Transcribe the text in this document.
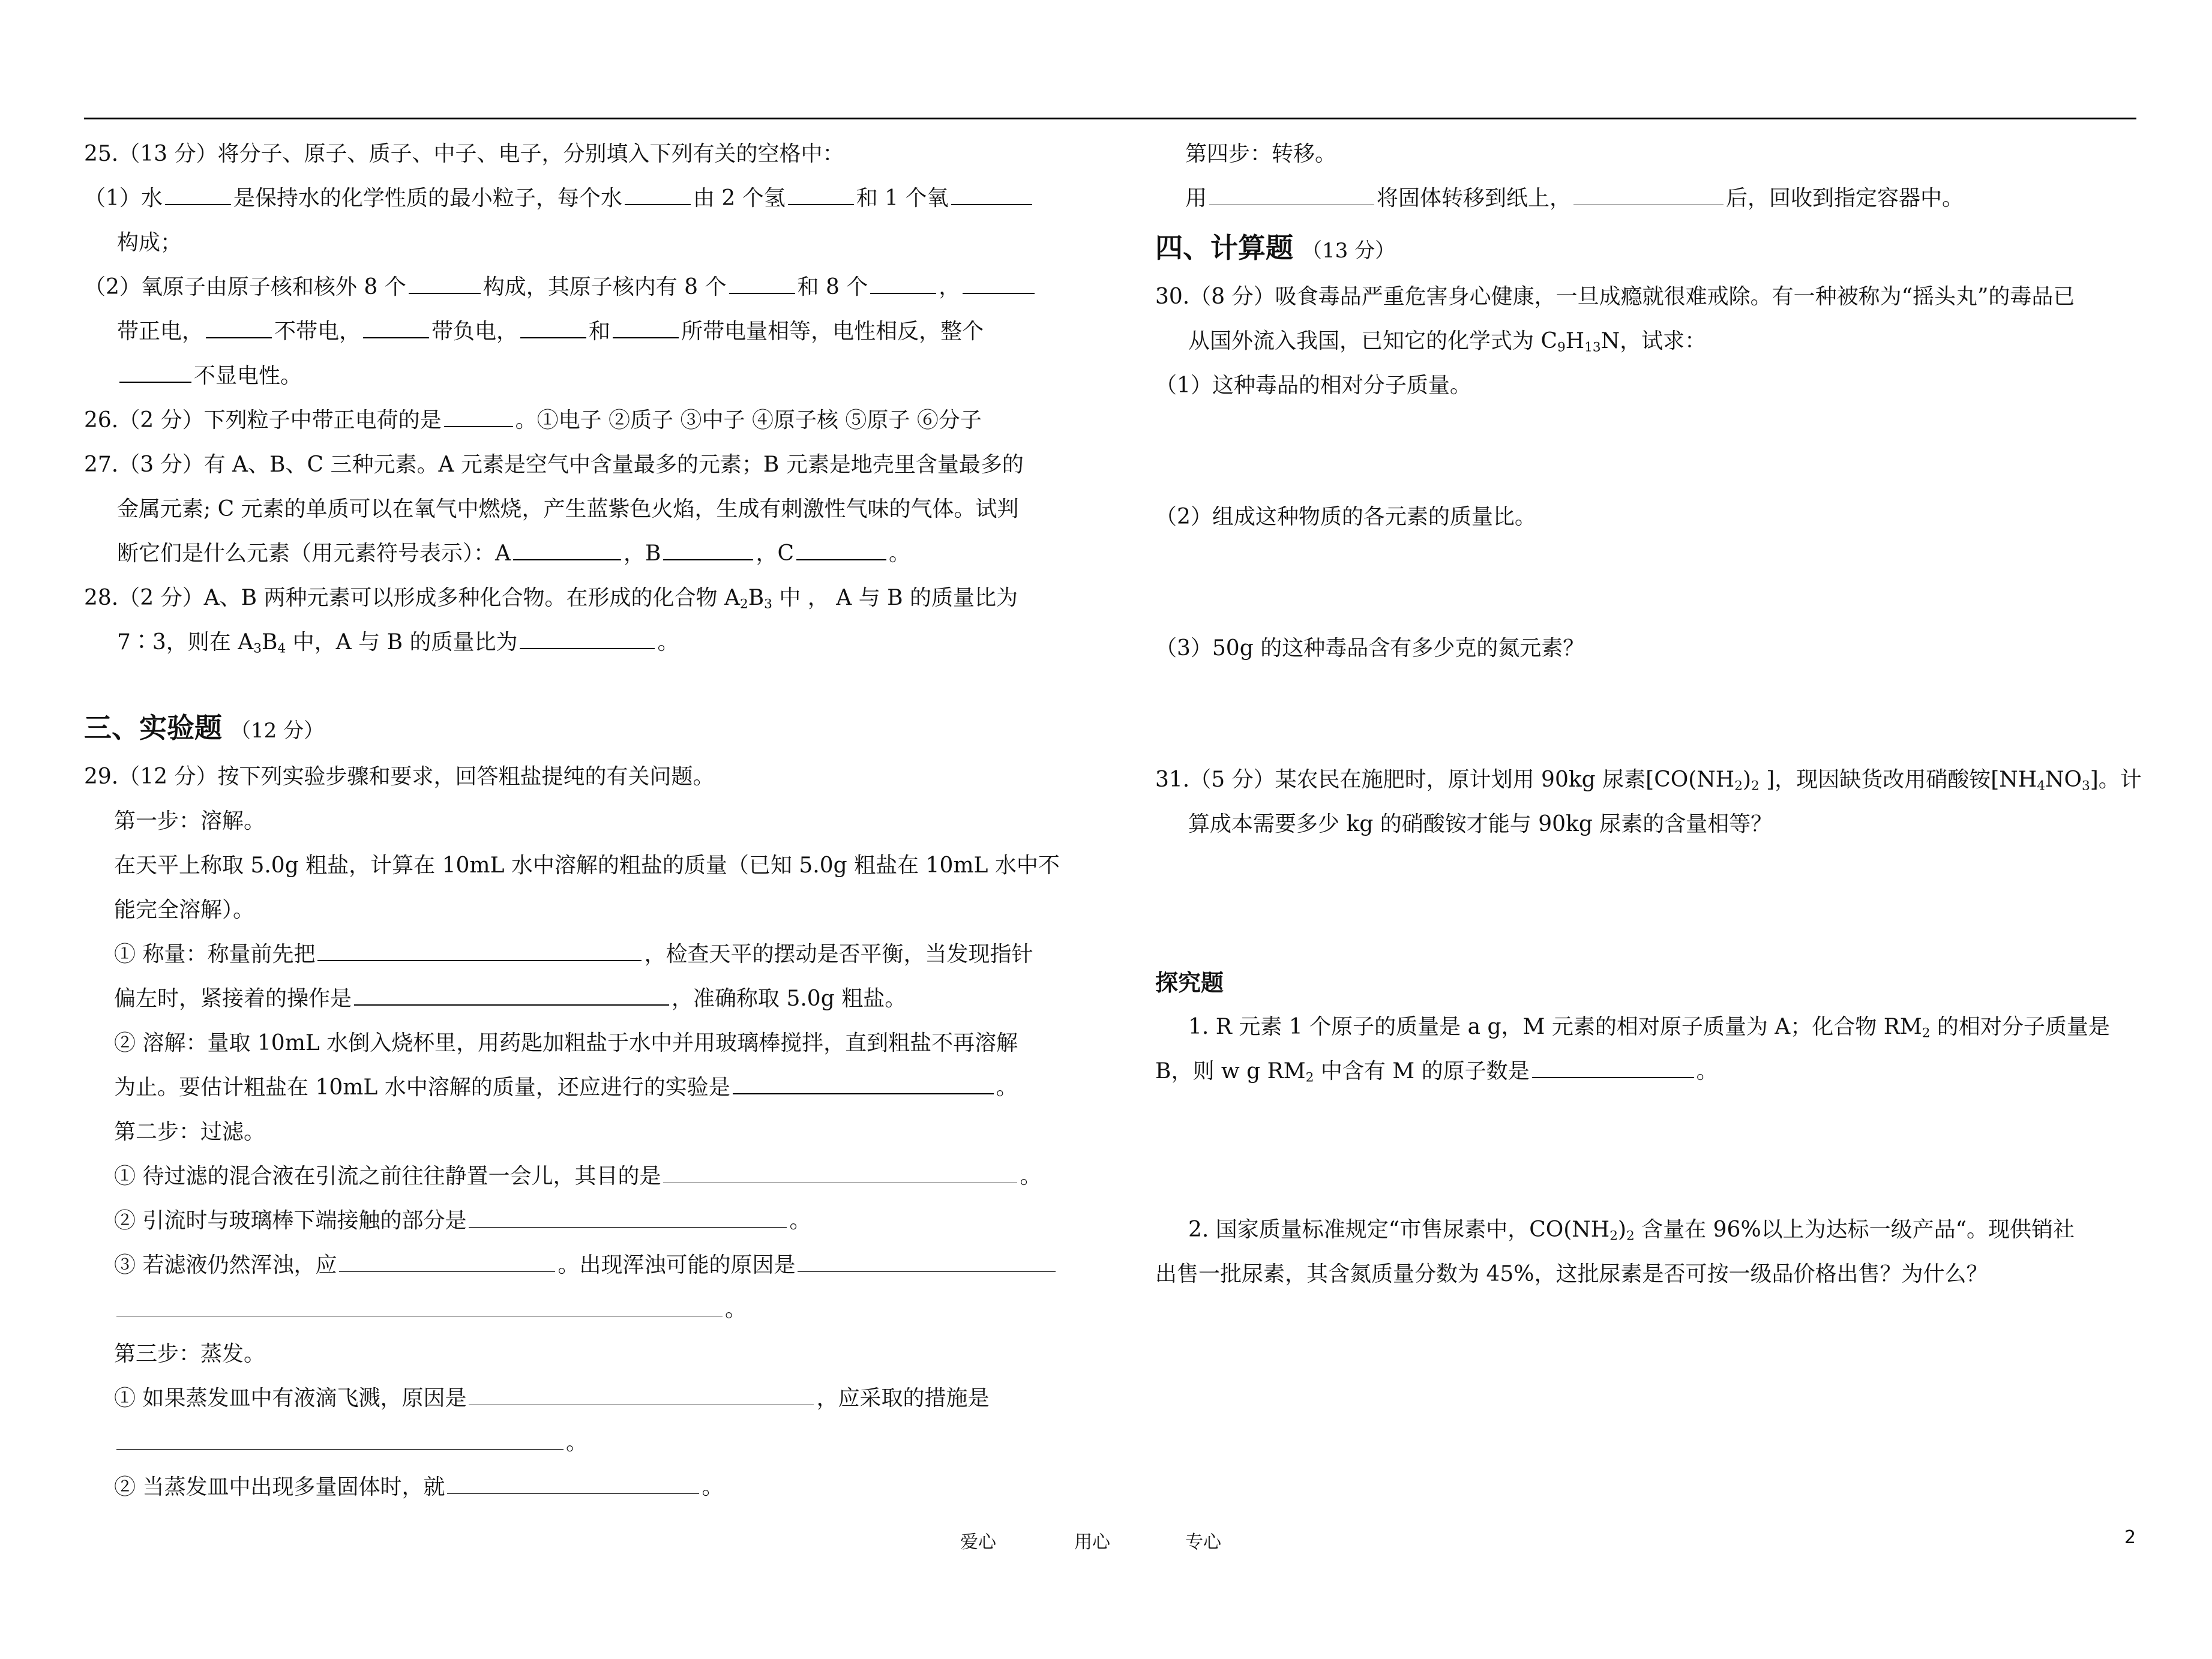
25.（13 分）将分子、原子、质子、中子、电子，分别填入下列有关的空格中：
（1）水	是保持水的化学性质的最小粒子，每个水	由 2 个氢	和 1 个氧
构成；
（2）氧原子由原子核和核外 8 个	构成，其原子核内有 8 个	和 8 个	，
带正电，	不带电，	带负电，	和	所带电量相等，电性相反，整个
不显电性。
26.（2 分）下列粒子中带正电荷的是	。①电子 ②质子 ③中子 ④原子核 ⑤原子 ⑥分子
27.（3 分）有 A、B、C 三种元素。A 元素是空气中含量最多的元素；B 元素是地壳里含量最多的
金属元素; C 元素的单质可以在氧气中燃烧，产生蓝紫色火焰，生成有刺激性气味的气体。试判
断它们是什么元素（用元素符号表示）：A	，B	，C	。
28.（2 分）A、B 两种元素可以形成多种化合物。在形成的化合物 $A_2B_3$ 中 ， A 与 B 的质量比为
7∶3，则在 $A_3B_4$ 中，A 与 B 的质量比为	。
三、实验题 （12 分）
29.（12 分）按下列实验步骤和要求，回答粗盐提纯的有关问题。
第一步：溶解。
在天平上称取 5.0g 粗盐，计算在 10mL 水中溶解的粗盐的质量（已知 5.0g 粗盐在 10mL 水中不
能完全溶解）。
① 称量：称量前先把	，检查天平的摆动是否平衡，当发现指针
偏左时，紧接着的操作是	，准确称取 5.0g 粗盐。
② 溶解：量取 10mL 水倒入烧杯里，用药匙加粗盐于水中并用玻璃棒搅拌，直到粗盐不再溶解
为止。要估计粗盐在 10mL 水中溶解的质量，还应进行的实验是	。
第二步：过滤。
① 待过滤的混合液在引流之前往往静置一会儿，其目的是	。
② 引流时与玻璃棒下端接触的部分是	。
③ 若滤液仍然浑浊，应	。出现浑浊可能的原因是
。
第三步：蒸发。
① 如果蒸发皿中有液滴飞溅，原因是	，应采取的措施是
。
② 当蒸发皿中出现多量固体时，就	。
第四步：转移。
用	将固体转移到纸上，	后，回收到指定容器中。
四、计算题 （13 分）
30.（8 分）吸食毒品严重危害身心健康，一旦成瘾就很难戒除。有一种被称为“摇头丸”的毒品已
从国外流入我国，已知它的化学式为 $C_9H_{13}N$，试求：
（1）这种毒品的相对分子质量。
（2）组成这种物质的各元素的质量比。
（3）50g 的这种毒品含有多少克的氮元素？
31.（5 分）某农民在施肥时，原计划用 90kg 尿素[$CO(NH_2)_2$ ]，现因缺货改用硝酸铵$[NH_4NO_3]$。计
算成本需要多少 kg 的硝酸铵才能与 90kg 尿素的含量相等？
探究题
1. R 元素 1 个原子的质量是 a g，M 元素的相对原子质量为 A；化合物 $RM_2$ 的相对分子质量是
B，则 w g $RM_2$ 中含有 M 的原子数是	。
2. 国家质量标准规定“市售尿素中，$CO(NH_2)_2$ 含量在 96%以上为达标一级产品“。现供销社
出售一批尿素，其含氮质量分数为 45%，这批尿素是否可按一级品价格出售？为什么？
爱心	用心	专心	2
